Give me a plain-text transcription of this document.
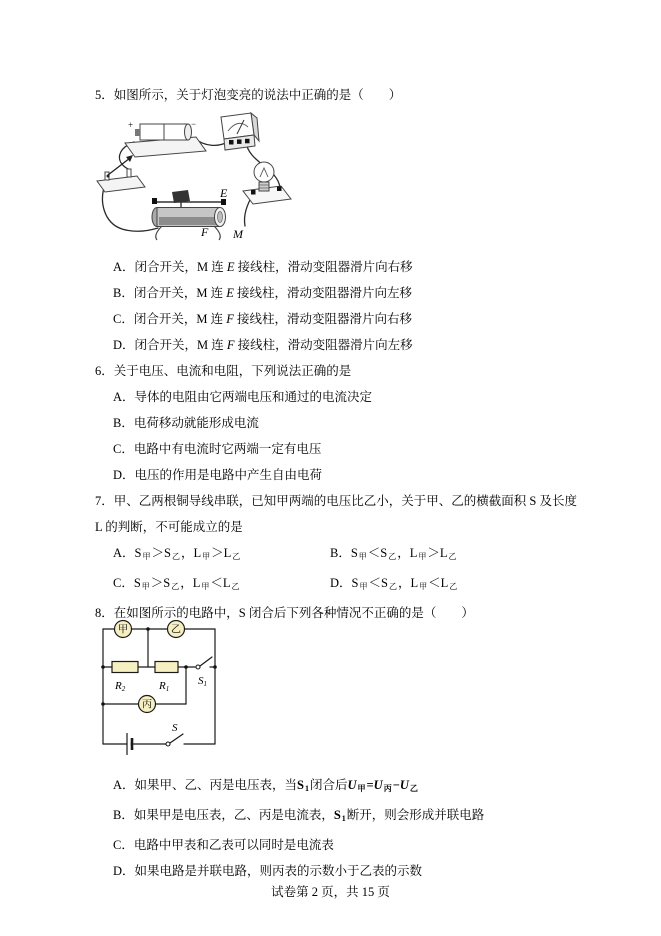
5．如图所示，关于灯泡变亮的说法中正确的是（　　）
+	−
E
F M
A．闭合开关，M 连 E 接线柱，滑动变阻器滑片向右移
B．闭合开关，M 连 E 接线柱，滑动变阻器滑片向左移
C．闭合开关，M 连 F 接线柱，滑动变阻器滑片向右移
D．闭合开关，M 连 F 接线柱，滑动变阻器滑片向左移
6．关于电压、电流和电阻，下列说法正确的是
A．导体的电阻由它两端电压和通过的电流决定
B．电荷移动就能形成电流
C．电路中有电流时它两端一定有电压
D．电压的作用是电路中产生自由电荷
7．甲、乙两根铜导线串联，已知甲两端的电压比乙小，关于甲、乙的横截面积 S 及长度 L 的判断，不可能成立的是
A．S甲＞S乙，L甲＞L乙	B．S甲＜S乙，L甲＞L乙
C．S甲＞S乙，L甲＜L乙	D．S甲＜S乙，L甲＜L乙
8．在如图所示的电路中，S 闭合后下列各种情况不正确的是（　　）
甲	乙
丙
R2	R1
S1
S
A．如果甲、乙、丙是电压表，当S1闭合后U甲=U丙−U乙
B．如果甲是电压表，乙、丙是电流表，S1断开，则会形成并联电路
C．电路中甲表和乙表可以同时是电流表
D．如果电路是并联电路，则丙表的示数小于乙表的示数
试卷第 2 页，共 15 页
